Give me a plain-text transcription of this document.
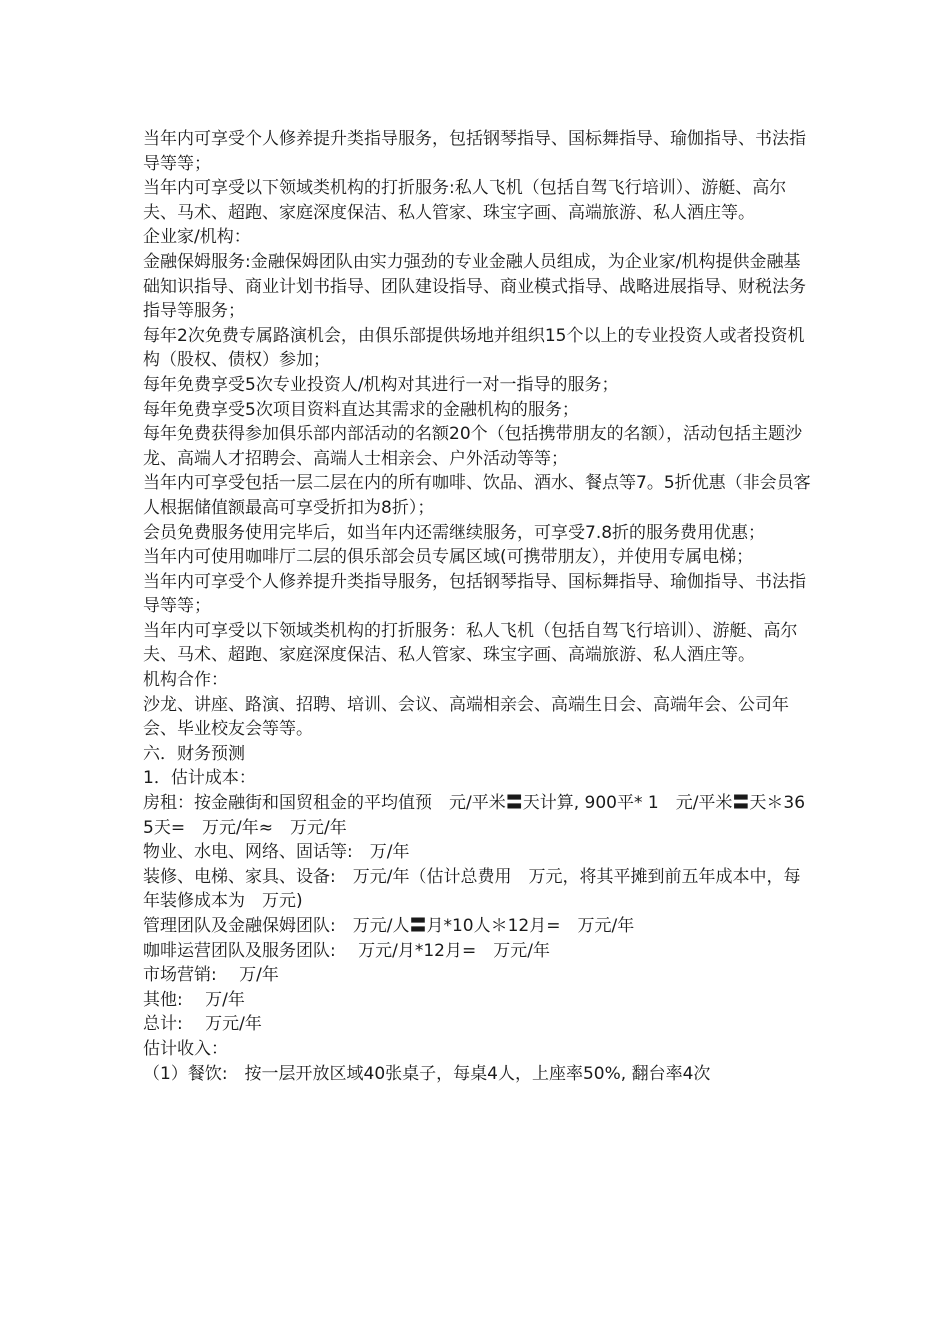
当年内可享受个人修养提升类指导服务，包括钢琴指导、国标舞指导、瑜伽指导、书法指导等等；

当年内可享受以下领域类机构的打折服务:私人飞机（包括自驾飞行培训）、游艇、高尔夫、马术、超跑、家庭深度保洁、私人管家、珠宝字画、高端旅游、私人酒庄等。

企业家/机构：

金融保姆服务:金融保姆团队由实力强劲的专业金融人员组成，为企业家/机构提供金融基础知识指导、商业计划书指导、团队建设指导、商业模式指导、战略进展指导、财税法务指导等服务；

每年2次免费专属路演机会，由俱乐部提供场地并组织15个以上的专业投资人或者投资机构（股权、债权）参加；

每年免费享受5次专业投资人/机构对其进行一对一指导的服务；

每年免费享受5次项目资料直达其需求的金融机构的服务；

每年免费获得参加俱乐部内部活动的名额20个（包括携带朋友的名额），活动包括主题沙龙、高端人才招聘会、高端人士相亲会、户外活动等等；

当年内可享受包括一层二层在内的所有咖啡、饮品、酒水、餐点等7。5折优惠（非会员客人根据储值额最高可享受折扣为8折）；

会员免费服务使用完毕后，如当年内还需继续服务，可享受7.8折的服务费用优惠；

当年内可使用咖啡厅二层的俱乐部会员专属区域(可携带朋友），并使用专属电梯；

当年内可享受个人修养提升类指导服务，包括钢琴指导、国标舞指导、瑜伽指导、书法指导等等；

当年内可享受以下领域类机构的打折服务：私人飞机（包括自驾飞行培训）、游艇、高尔夫、马术、超跑、家庭深度保洁、私人管家、珠宝字画、高端旅游、私人酒庄等。

机构合作：

沙龙、讲座、路演、招聘、培训、会议、高端相亲会、高端生日会、高端年会、公司年会、毕业校友会等等。

六．财务预测

1．估计成本：

房租：按金融街和国贸租金的平均值预　元/平米〓天计算, 900平* 1　元/平米〓天＊365天=　万元/年≈　万元/年

物业、水电、网络、固话等:　万/年

装修、电梯、家具、设备:　万元/年（估计总费用　万元，将其平摊到前五年成本中，每年装修成本为　万元)

管理团队及金融保姆团队:　万元/人〓月*10人＊12月=　万元/年

咖啡运营团队及服务团队:　 万元/月*12月=　万元/年

市场营销:　 万/年

其他:　 万/年

总计:　 万元/年

估计收入：

（1）餐饮:　按一层开放区域40张桌子，每桌4人，上座率50%, 翻台率4次
